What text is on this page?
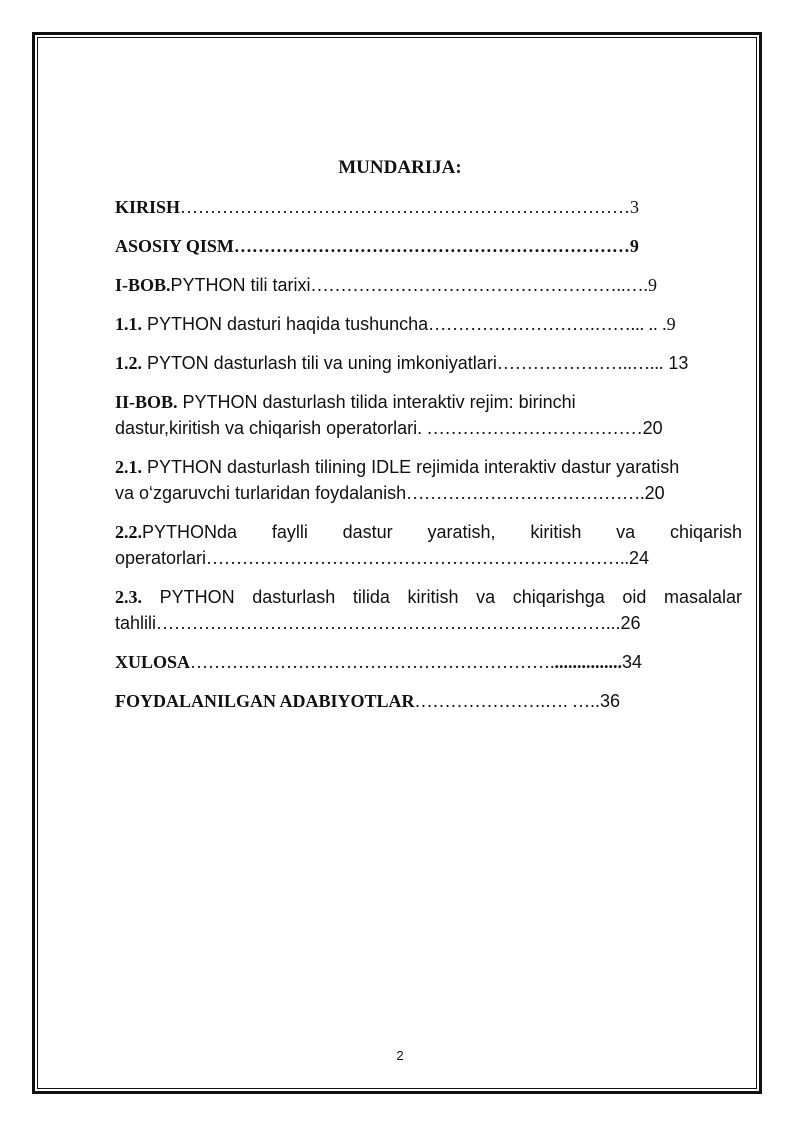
MUNDARIJA:
KIRISH…………………………………………………………………3
ASOSIY QISM…………………………………………………………9
I-BOB.PYTHON tili tarixi……………………………………………..….9
1.1. PYTHON dasturi haqida tushuncha……………………….……... .. .9
1.2. PYTON dasturlash tili va uning imkoniyatlari…………………..…... 13
II-BOB. PYTHON dasturlash tilida interaktiv rejim: birinchi
dastur,kiritish va chiqarish operatorlari. ………………………………20
2.1. PYTHON dasturlash tilining IDLE rejimida interaktiv dastur yaratish
va o‘zgaruvchi turlaridan foydalanish………………………………….20
2.2.PYTHONda faylli dastur yaratish, kiritish va chiqarish
operatorlari……………………………………………………………..24
2.3. PYTHON dasturlash tilida kiritish va chiqarishga oid masalalar
tahlili…………………………………………………………………...26
XULOSA……………………………………………………................34
FOYDALANILGAN ADABIYOTLAR………………….…. …..36
2
